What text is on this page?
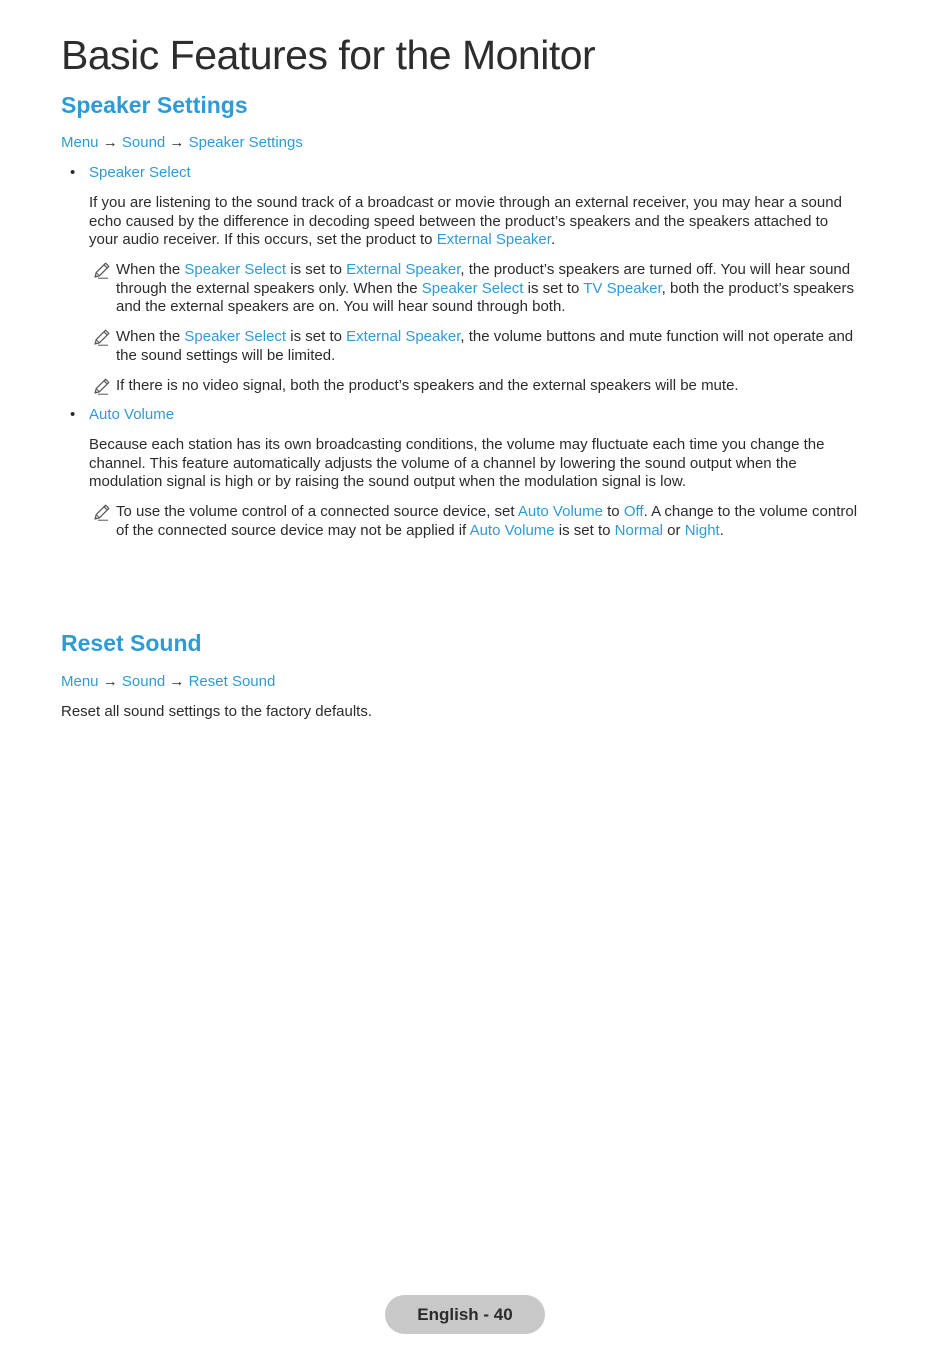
Basic Features for the Monitor
Speaker Settings
Menu → Sound → Speaker Settings
• Speaker Select

If you are listening to the sound track of a broadcast or movie through an external receiver, you may hear a sound echo caused by the difference in decoding speed between the product’s speakers and the speakers attached to your audio receiver. If this occurs, set the product to External Speaker.

When the Speaker Select is set to External Speaker, the product’s speakers are turned off. You will hear sound through the external speakers only. When the Speaker Select is set to TV Speaker, both the product’s speakers and the external speakers are on. You will hear sound through both.

When the Speaker Select is set to External Speaker, the volume buttons and mute function will not operate and the sound settings will be limited.

If there is no video signal, both the product’s speakers and the external speakers will be mute.

• Auto Volume

Because each station has its own broadcasting conditions, the volume may fluctuate each time you change the channel. This feature automatically adjusts the volume of a channel by lowering the sound output when the modulation signal is high or by raising the sound output when the modulation signal is low.

To use the volume control of a connected source device, set Auto Volume to Off. A change to the volume control of the connected source device may not be applied if Auto Volume is set to Normal or Night.

Reset Sound
Menu → Sound → Reset Sound

Reset all sound settings to the factory defaults.

English - 40
